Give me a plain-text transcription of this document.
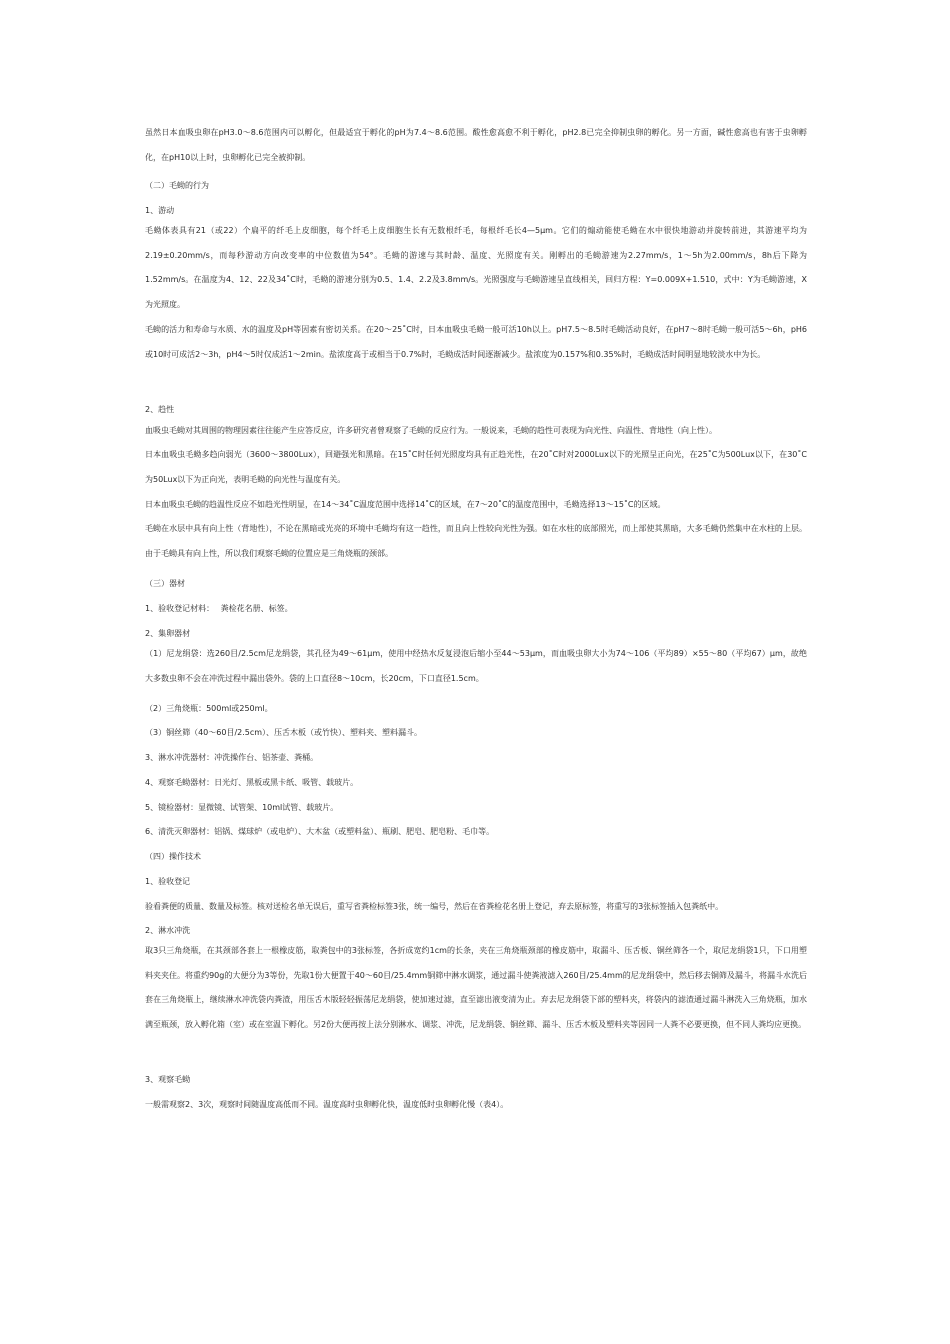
虽然日本血吸虫卵在pH3.0～8.6范围内可以孵化，但最适宜于孵化的pH为7.4～8.6范围。酸性愈高愈不利于孵化，pH2.8已完全抑制虫卵的孵化。另一方面，碱性愈高也有害于虫卵孵化，在pH10以上时，虫卵孵化已完全被抑制。

（二）毛蚴的行为

1、游动

毛蚴体表具有21（或22）个扁平的纤毛上皮细胞，每个纤毛上皮细胞生长有无数根纤毛，每根纤毛长4—5μm。它们的煽动能使毛蚴在水中很快地游动并旋转前进，其游速平均为2.19±0.20mm/s，而每秒游动方向改变率的中位数值为54°。毛蚴的游速与其时龄、温度、光照度有关。刚孵出的毛蚴游速为2.27mm/s，1～5h为2.00mm/s，8h后下降为1.52mm/s。在温度为4、12、22及34˚C时，毛蚴的游速分别为0.5、1.4、2.2及3.8mm/s。光照强度与毛蚴游速呈直线相关，回归方程：Y=0.009X+1.510，式中：Y为毛蚴游速，X为光照度。

毛蚴的活力和寿命与水质、水的温度及pH等因素有密切关系。在20～25˚C时，日本血吸虫毛蚴一般可活10h以上。pH7.5～8.5时毛蚴活动良好，在pH7～8时毛蚴一般可活5～6h，pH6或10时可成活2～3h，pH4～5时仅成活1～2min。盐浓度高于或相当于0.7%时，毛蚴成活时间逐渐减少。盐浓度为0.157%和0.35%时，毛蚴成活时间明显地较淡水中为长。

2、趋性

血吸虫毛蚴对其周围的物理因素往往能产生应答反应，许多研究者曾观察了毛蚴的反应行为。一般说来，毛蚴的趋性可表现为向光性、向温性、背地性（向上性）。

日本血吸虫毛蚴多趋向弱光（3600～3800Lux），回避强光和黑暗。在15˚C时任何光照度均具有正趋光性，在20˚C时对2000Lux以下的光照呈正向光，在25˚C为500Lux以下，在30˚C为50Lux以下为正向光，表明毛蚴的向光性与温度有关。

日本血吸虫毛蚴的趋温性反应不如趋光性明显，在14～34˚C温度范围中选择14˚C的区域，在7～20˚C的温度范围中，毛蚴选择13～15˚C的区域。

毛蚴在水层中具有向上性（背地性），不论在黑暗或光亮的环境中毛蚴均有这一趋性，而且向上性较向光性为强。如在水柱的底部照光，而上部使其黑暗，大多毛蚴仍然集中在水柱的上层。由于毛蚴具有向上性，所以我们观察毛蚴的位置应是三角烧瓶的颈部。

（三）器材

1、验收登记材料：　 粪检花名册、标签。

2、集卵器材

（1）尼龙绢袋：选260目/2.5cm尼龙绢袋，其孔径为49～61μm，使用中经热水反复浸泡后缩小至44～53μm，而血吸虫卵大小为74～106（平均89）×55～80（平均67）μm，故绝大多数虫卵不会在冲洗过程中漏出袋外。袋的上口直径8～10cm，长20cm，下口直径1.5cm。

（2）三角烧瓶：500ml或250ml。

（3）铜丝筛（40～60目/2.5cm）、压舌木板（或竹快）、塑料夹、塑料漏斗。

3、淋水冲洗器材：冲洗操作台、铝茶壶、粪桶。

4、观察毛蚴器材：日光灯、黑板或黑卡纸、吸管、载玻片。

5、镜检器材：显微镜、试管架、10ml试管、载玻片。

6、清洗灭卵器材：铝锅、煤球炉（或电炉）、大木盆（或塑料盆）、瓶刷、肥皂、肥皂粉、毛巾等。

（四）操作技术

1、验收登记

验看粪便的质量、数量及标签。核对送检名单无误后，重写省粪检标签3张，统一编号，然后在省粪检花名册上登记，弃去原标签，将重写的3张标签插入包粪纸中。

2、淋水冲洗

取3只三角烧瓶，在其颈部各套上一根橡皮筋，取粪包中的3张标签，各折成宽约1cm的长条，夹在三角烧瓶颈部的橡皮筋中，取漏斗、压舌板、铜丝筛各一个，取尼龙绢袋1只，下口用塑料夹夹住。将重约90g的大便分为3等份，先取1份大便置于40～60目/25.4mm铜筛中淋水调浆，通过漏斗使粪液滤入260目/25.4mm的尼龙绢袋中，然后移去铜筛及漏斗，将漏斗水洗后套在三角烧瓶上，继续淋水冲洗袋内粪渣，用压舌木版轻轻振荡尼龙绢袋，使加速过滤，直至滤出液变清为止。弃去尼龙绢袋下部的塑料夹，将袋内的滤渣通过漏斗淋洗入三角烧瓶，加水满至瓶颈，放入孵化箱（室）或在室温下孵化。另2份大便再按上法分别淋水、调浆、冲洗，尼龙绢袋、铜丝筛、漏斗、压舌木板及塑料夹等因同一人粪不必要更换，但不同人粪均应更换。

3、观察毛蚴

一般需观察2、3次，观察时间随温度高低而不同。温度高时虫卵孵化快，温度低时虫卵孵化慢（表4）。
